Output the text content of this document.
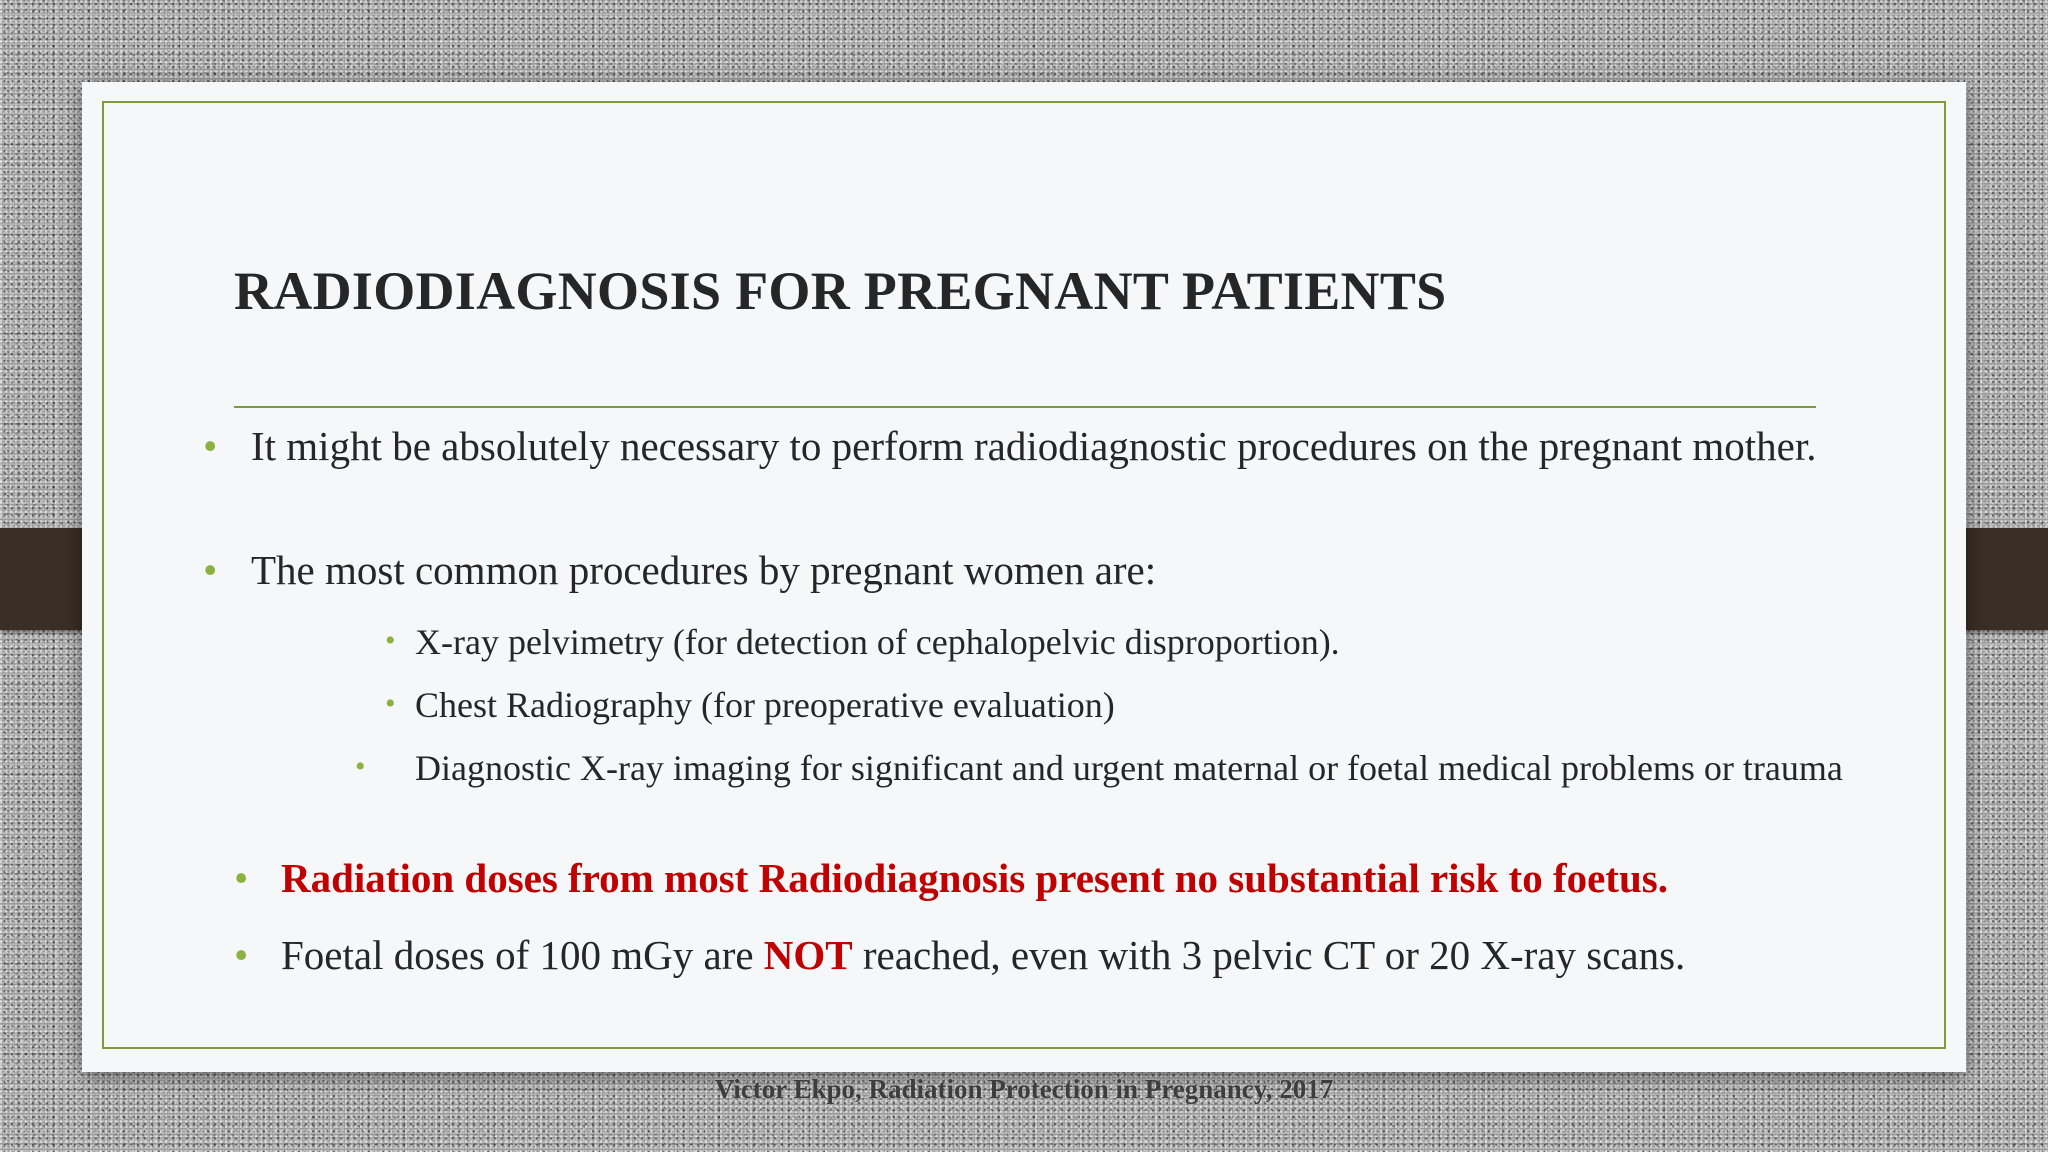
RADIODIAGNOSIS FOR PREGNANT PATIENTS

• It might be absolutely necessary to perform radiodiagnostic procedures on the pregnant mother.

• The most common procedures by pregnant women are:

• X-ray pelvimetry (for detection of cephalopelvic disproportion).

• Chest Radiography (for preoperative evaluation)

• Diagnostic X-ray imaging for significant and urgent maternal or foetal medical problems or trauma

• Radiation doses from most Radiodiagnosis present no substantial risk to foetus.

• Foetal doses of 100 mGy are NOT reached, even with 3 pelvic CT or 20 X-ray scans.

Victor Ekpo, Radiation Protection in Pregnancy, 2017
